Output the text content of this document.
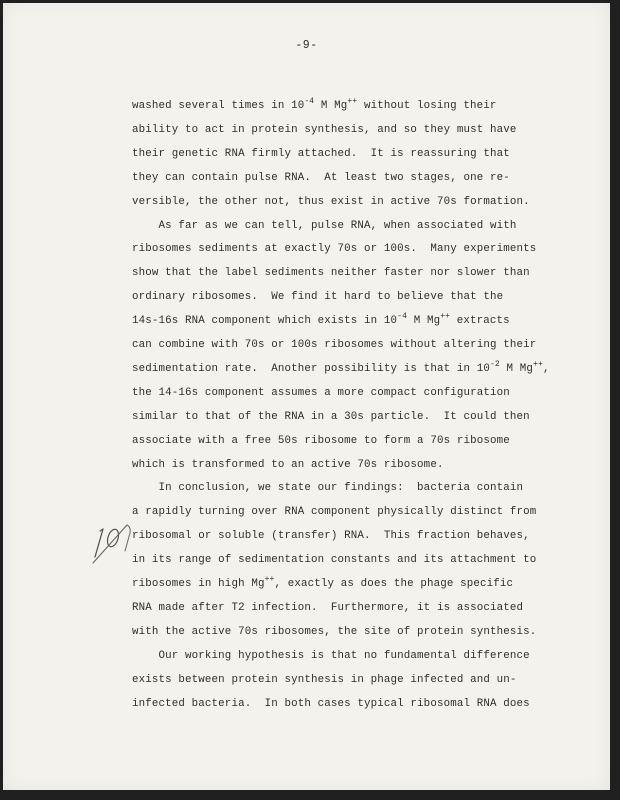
-9-
washed several times in $10^{-4}$ M Mg++ without losing their
ability to act in protein synthesis, and so they must have
their genetic RNA firmly attached.  It is reassuring that
they can contain pulse RNA.  At least two stages, one re-
versible, the other not, thus exist in active 70s formation.
As far as we can tell, pulse RNA, when associated with
ribosomes sediments at exactly 70s or 100s.  Many experiments
show that the label sediments neither faster nor slower than
ordinary ribosomes.  We find it hard to believe that the
14s-16s RNA component which exists in $10^{-4}$ M Mg++ extracts
can combine with 70s or 100s ribosomes without altering their
sedimentation rate.  Another possibility is that in $10^{-2}$ M Mg++,
the 14-16s component assumes a more compact configuration
similar to that of the RNA in a 30s particle.  It could then
associate with a free 50s ribosome to form a 70s ribosome
which is transformed to an active 70s ribosome.
In conclusion, we state our findings:  bacteria contain
a rapidly turning over RNA component physically distinct from
ribosomal or soluble (transfer) RNA.  This fraction behaves,
in its range of sedimentation constants and its attachment to
ribosomes in high Mg++, exactly as does the phage specific
RNA made after T2 infection.  Furthermore, it is associated
with the active 70s ribosomes, the site of protein synthesis.
Our working hypothesis is that no fundamental difference
exists between protein synthesis in phage infected and un-
infected bacteria.  In both cases typical ribosomal RNA does
